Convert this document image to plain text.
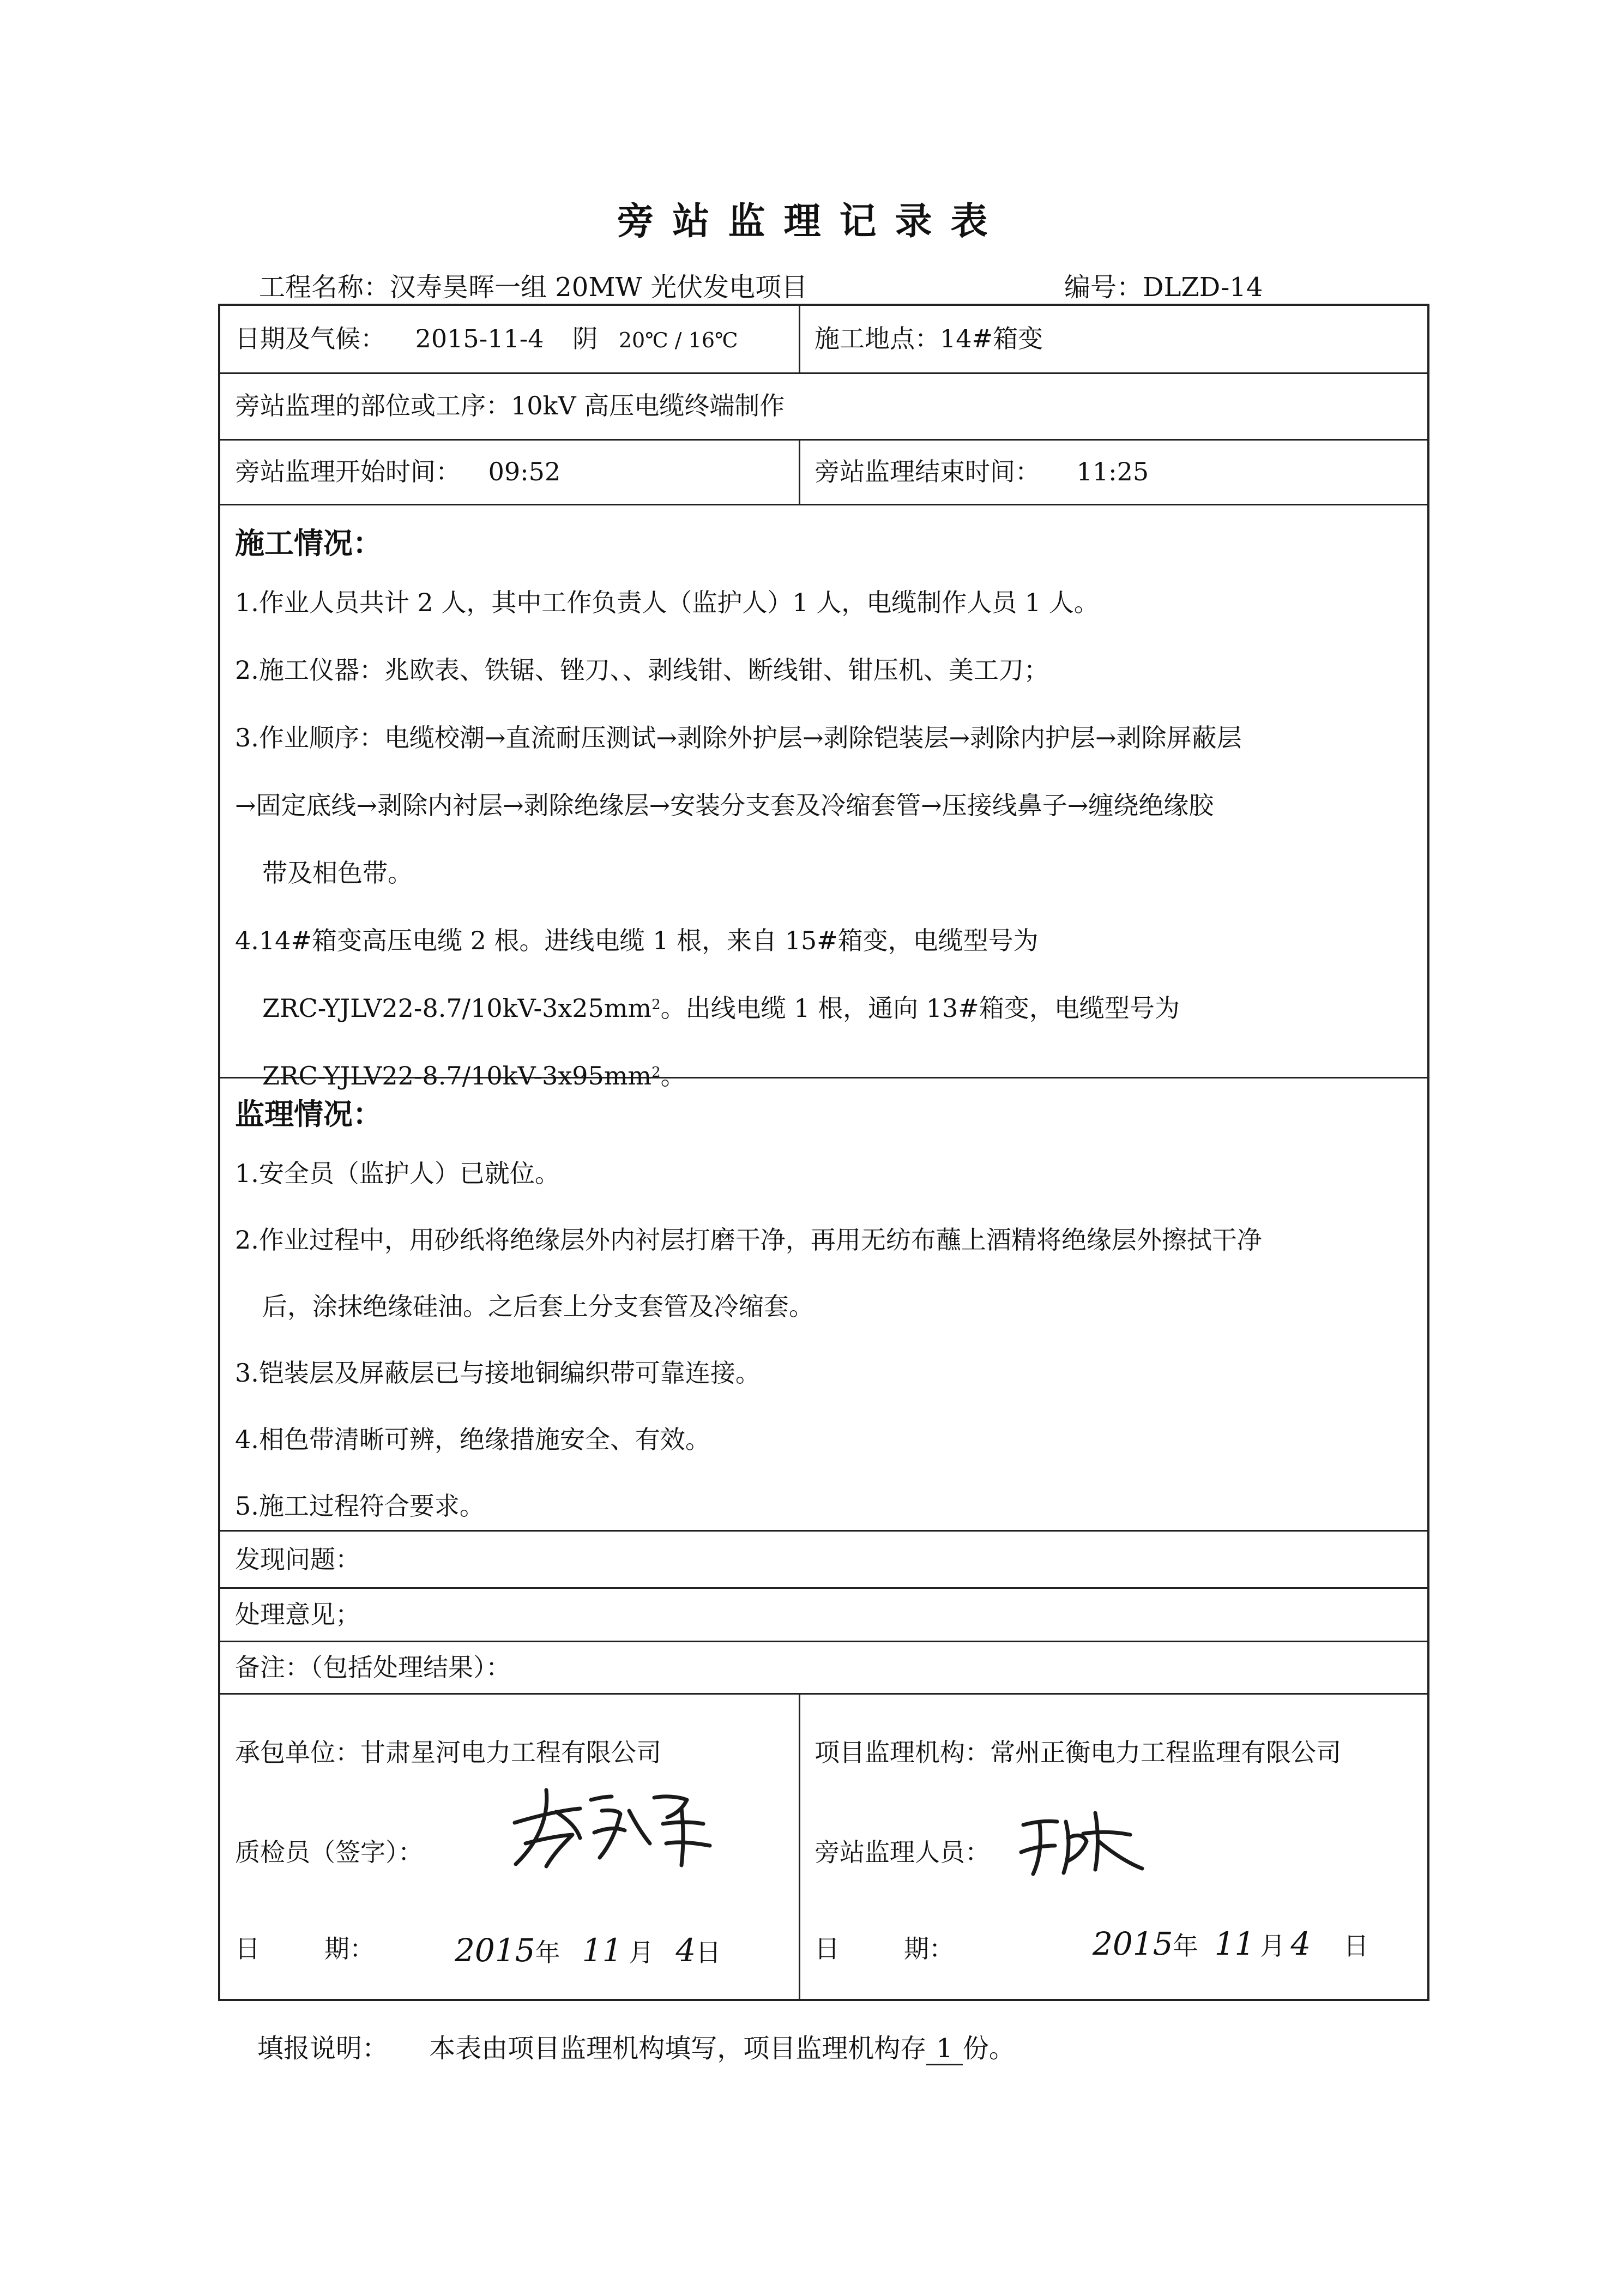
旁站监理记录表
工程名称：汉寿昊晖一组 20MW 光伏发电项目	编号：DLZD-14
日期及气候： 2015-11-4 阴 20℃ / 16℃	施工地点：14#箱变
旁站监理的部位或工序：10kV 高压电缆终端制作
旁站监理开始时间： 09:52	旁站监理结束时间： 11:25
施工情况：
1.作业人员共计 2 人，其中工作负责人（监护人）1 人，电缆制作人员 1 人。
2.施工仪器：兆欧表、铁锯、锉刀、、剥线钳、断线钳、钳压机、美工刀；
3.作业顺序：电缆校潮→直流耐压测试→剥除外护层→剥除铠装层→剥除内护层→剥除屏蔽层
→固定底线→剥除内衬层→剥除绝缘层→安装分支套及冷缩套管→压接线鼻子→缠绕绝缘胶
带及相色带。
4.14#箱变高压电缆 2 根。进线电缆 1 根，来自 15#箱变，电缆型号为
ZRC-$YJLV22-8.7/10kV-3x25mm^2$。出线电缆 1 根，通向 13#箱变，电缆型号为
ZRC-$YJLV22-8.7/10kV-3x95mm^2$。
监理情况：
1.安全员（监护人）已就位。
2.作业过程中，用砂纸将绝缘层外内衬层打磨干净，再用无纺布蘸上酒精将绝缘层外擦拭干净
后，涂抹绝缘硅油。之后套上分支套管及冷缩套。
3.铠装层及屏蔽层已与接地铜编织带可靠连接。
4.相色带清晰可辨，绝缘措施安全、有效。
5.施工过程符合要求。
发现问题：
处理意见；
备注：（包括处理结果）：
承包单位：甘肃星河电力工程有限公司
质检员（签字）：
日	期：	2015年 11 月 4日
项目监理机构：常州正衡电力工程监理有限公司
旁站监理人员：
日	期：	2015年 11 月 4 日
填报说明： 本表由项目监理机构填写，项目监理机构存 1 份。
